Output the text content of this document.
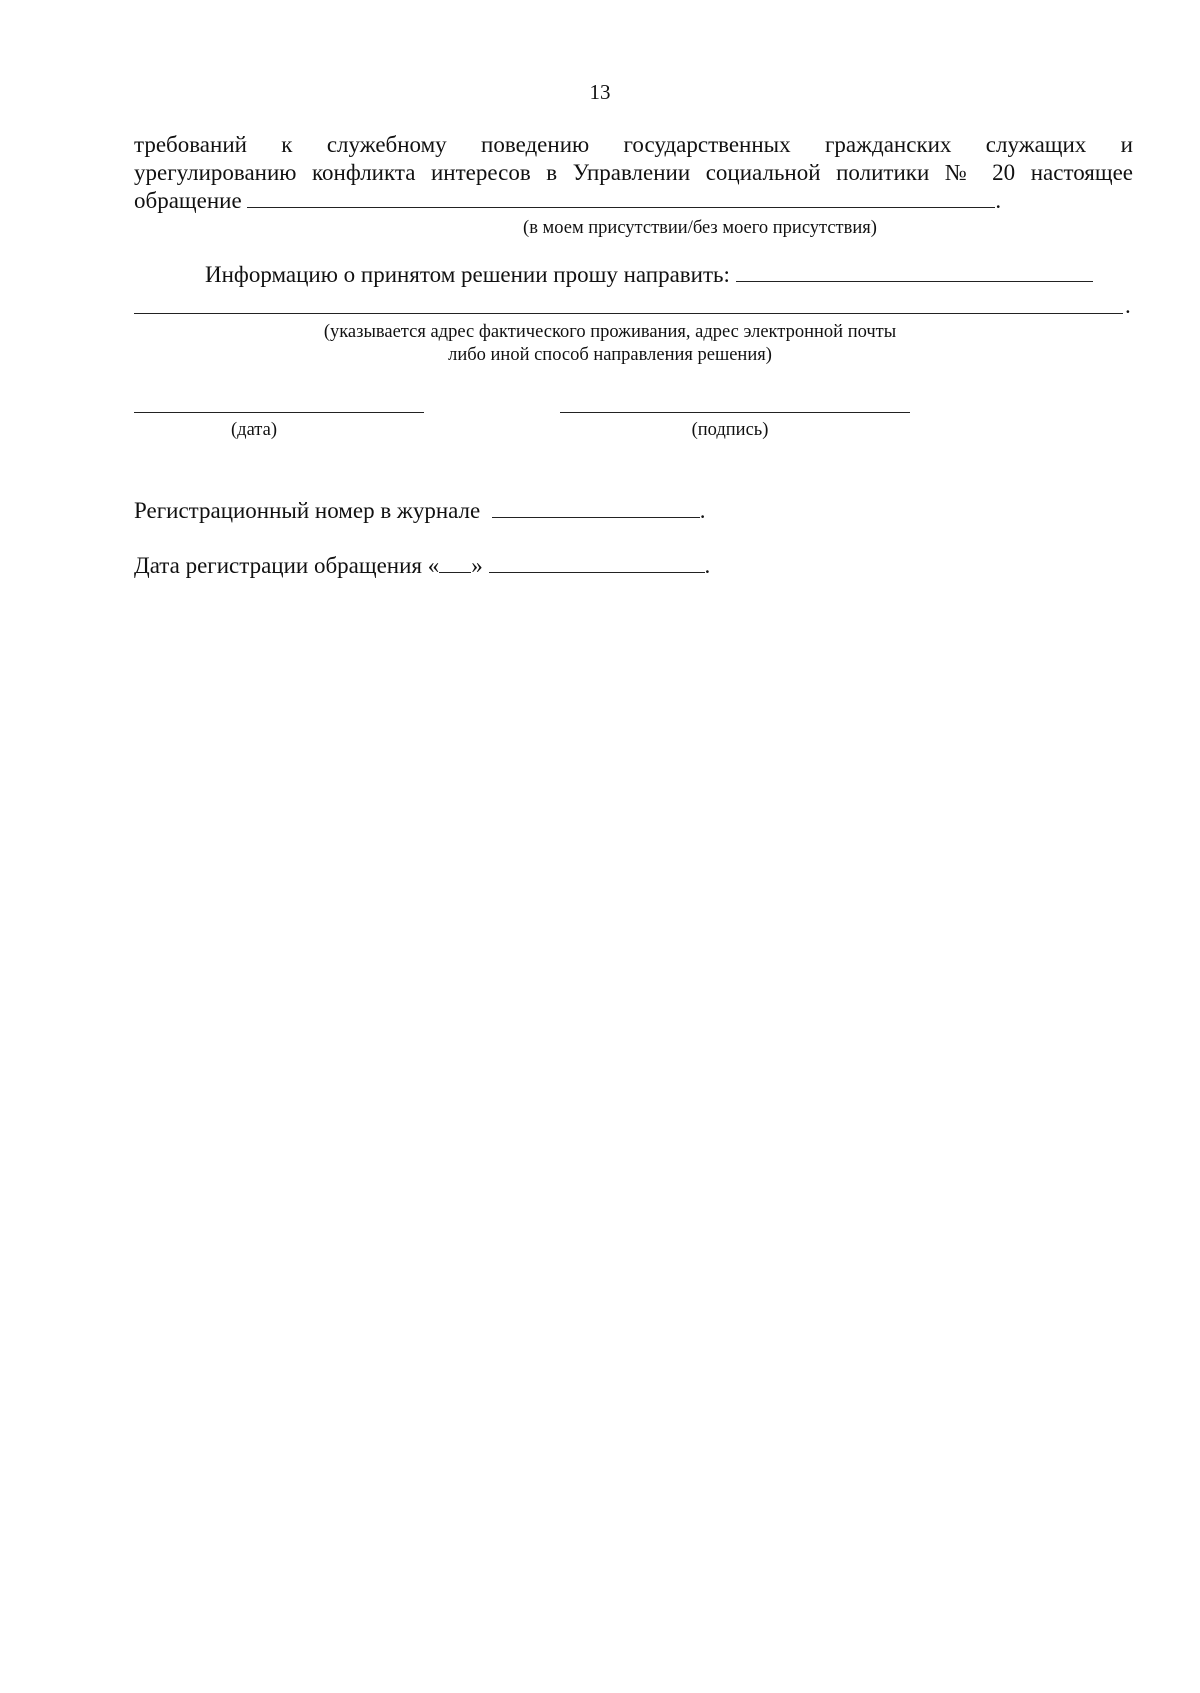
13
требований к служебному поведению государственных гражданских служащих и
урегулированию конфликта интересов в Управлении социальной политики № 20 настоящее
обращение	.
(в моем присутствии/без моего присутствия)
Информацию о принятом решении прошу направить:
.
(указывается адрес фактического проживания, адрес электронной почты
либо иной способ направления решения)
(дата)	(подпись)
Регистрационный номер в журнале	.
Дата регистрации обращения « »	.
